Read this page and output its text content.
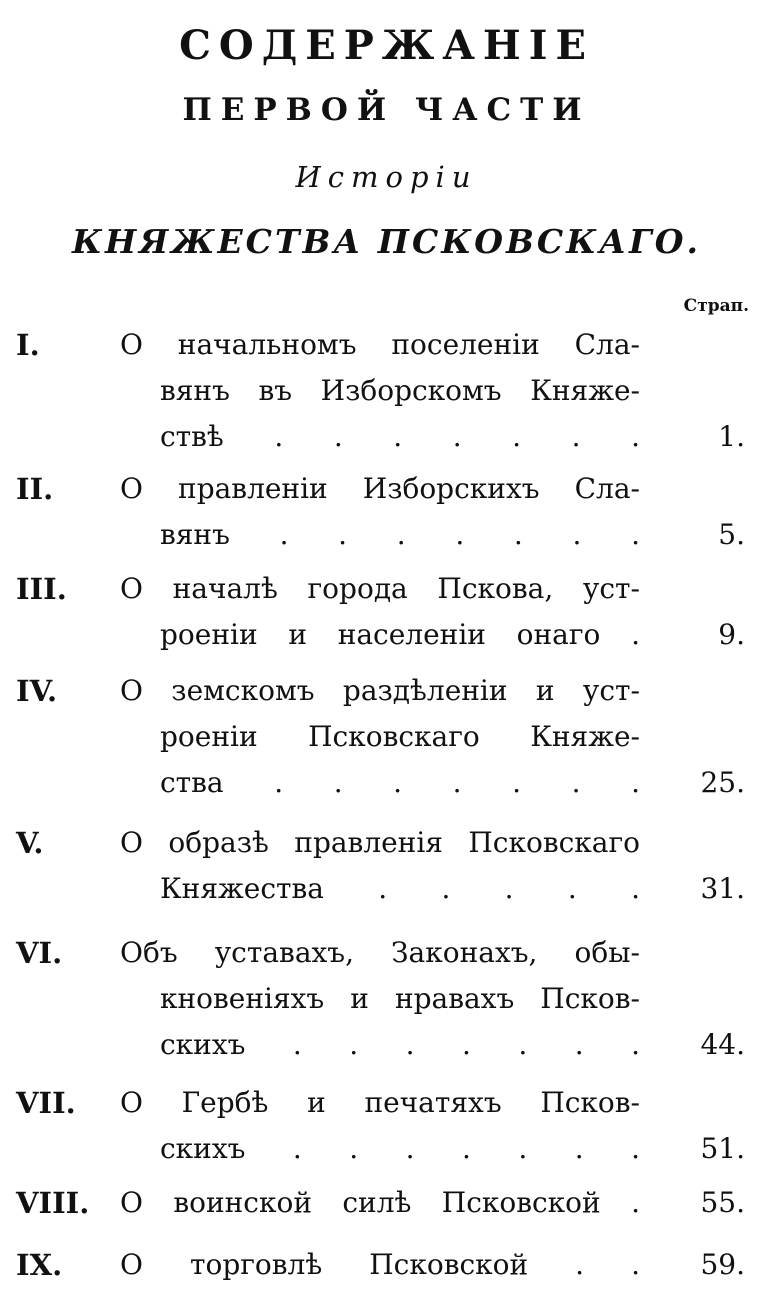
СОДЕРЖАНIЕ
ПЕРВОЙ ЧАСТИ
Исторiи
КНЯЖЕСТВА ПСКОВСКАГО.
Страп.
I.	О начальномъ поселенiи Сла-
вянъ въ Изборскомъ Княже-
ствѣ . . . . . . .	1.
II. О правленiи Изборскихъ Сла-
вянъ . . . . . . .	5.
III. О началѣ города Пскова, уст-
роенiи и населенiи онаго .	9.
IV. О земскомъ раздѣленiи и уст-
роенiи Псковскаго Княже-
ства . . . . . . . 25.
V.	О образѣ правленiя Псковскаго
Княжества . . . . . 31.
VI. Объ уставахъ, Законахъ, обы-
кновенiяхъ и нравахъ Псков-
скихъ . . . . . . . 44.
VII. О Гербѣ и печатяхъ Псков-
скихъ . . . . . . . 51.
VIII. О воинской силѣ Псковской . 55.
IX. О торговлѣ Псковской . . 59.
